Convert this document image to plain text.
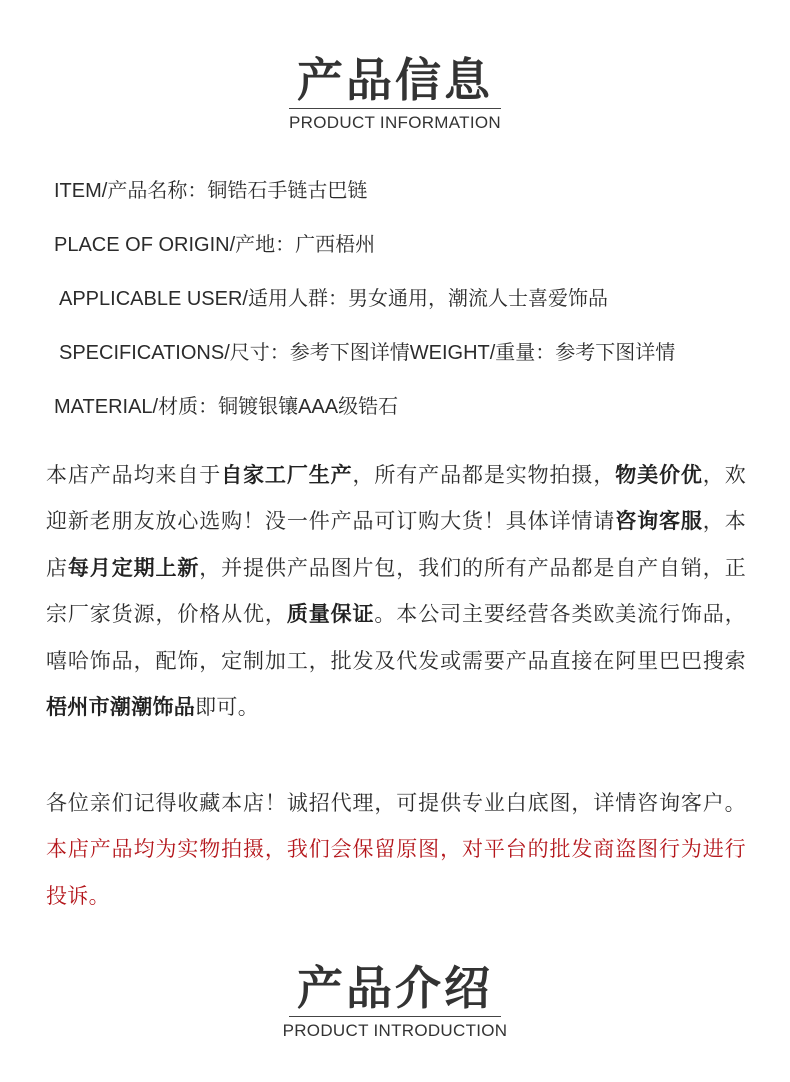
产品信息
PRODUCT INFORMATION
ITEM/产品名称：铜锆石手链古巴链
PLACE OF ORIGIN/产地：广西梧州
APPLICABLE USER/适用人群：男女通用，潮流人士喜爱饰品
SPECIFICATIONS/尺寸：参考下图详情WEIGHT/重量：参考下图详情
MATERIAL/材质：铜镀银镶AAA级锆石
本店产品均来自于自家工厂生产，所有产品都是实物拍摄，物美价优，欢迎新老朋友放心选购！没一件产品可订购大货！具体详情请咨询客服，本店每月定期上新，并提供产品图片包，我们的所有产品都是自产自销，正宗厂家货源，价格从优，质量保证。本公司主要经营各类欧美流行饰品，嘻哈饰品，配饰，定制加工，批发及代发或需要产品直接在阿里巴巴搜索梧州市潮潮饰品即可。
各位亲们记得收藏本店！诚招代理，可提供专业白底图，详情咨询客户。本店产品均为实物拍摄，我们会保留原图，对平台的批发商盗图行为进行投诉。
产品介绍
PRODUCT INTRODUCTION
